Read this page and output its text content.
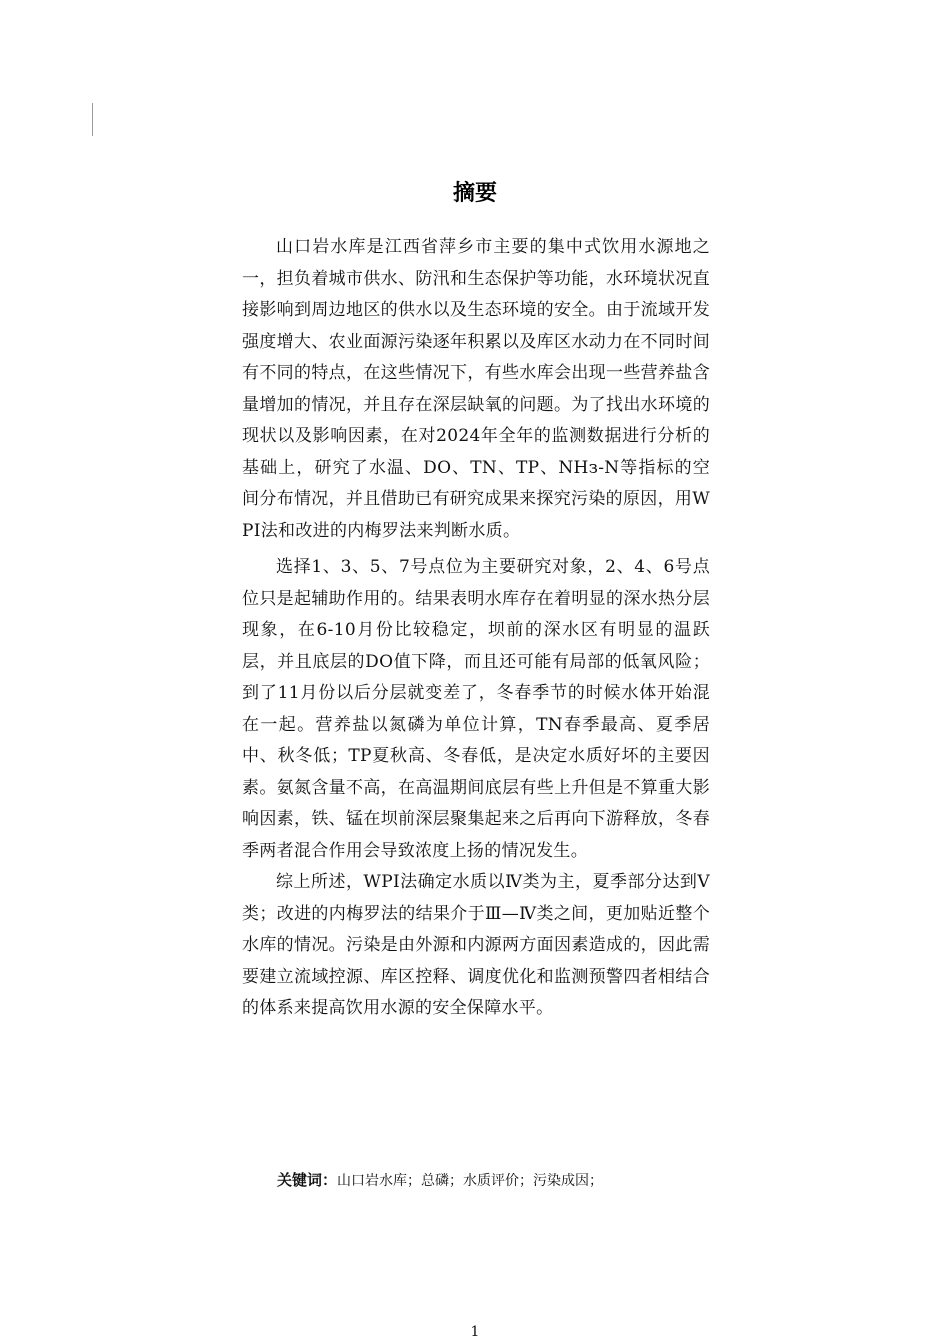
摘要

山口岩水库是江西省萍乡市主要的集中式饮用水源地之一，担负着城市供水、防汛和生态保护等功能，水环境状况直接影响到周边地区的供水以及生态环境的安全。由于流域开发强度增大、农业面源污染逐年积累以及库区水动力在不同时间有不同的特点，在这些情况下，有些水库会出现一些营养盐含量增加的情况，并且存在深层缺氧的问题。为了找出水环境的现状以及影响因素，在对2024年全年的监测数据进行分析的基础上，研究了水温、DO、TN、TP、NHз-N等指标的空间分布情况，并且借助已有研究成果来探究污染的原因，用WPI法和改进的内梅罗法来判断水质。

选择1、3、5、7号点位为主要研究对象，2、4、6号点位只是起辅助作用的。结果表明水库存在着明显的深水热分层现象，在6-10月份比较稳定，坝前的深水区有明显的温跃层，并且底层的DO值下降，而且还可能有局部的低氧风险；到了11月份以后分层就变差了，冬春季节的时候水体开始混在一起。营养盐以氮磷为单位计算，TN春季最高、夏季居中、秋冬低；TP夏秋高、冬春低，是决定水质好坏的主要因素。氨氮含量不高，在高温期间底层有些上升但是不算重大影响因素，铁、锰在坝前深层聚集起来之后再向下游释放，冬春季两者混合作用会导致浓度上扬的情况发生。

综上所述，WPI法确定水质以Ⅳ类为主，夏季部分达到Ⅴ类；改进的内梅罗法的结果介于Ⅲ—Ⅳ类之间，更加贴近整个水库的情况。污染是由外源和内源两方面因素造成的，因此需要建立流域控源、库区控释、调度优化和监测预警四者相结合的体系来提高饮用水源的安全保障水平。

关键词：山口岩水库；总磷；水质评价；污染成因；
1
